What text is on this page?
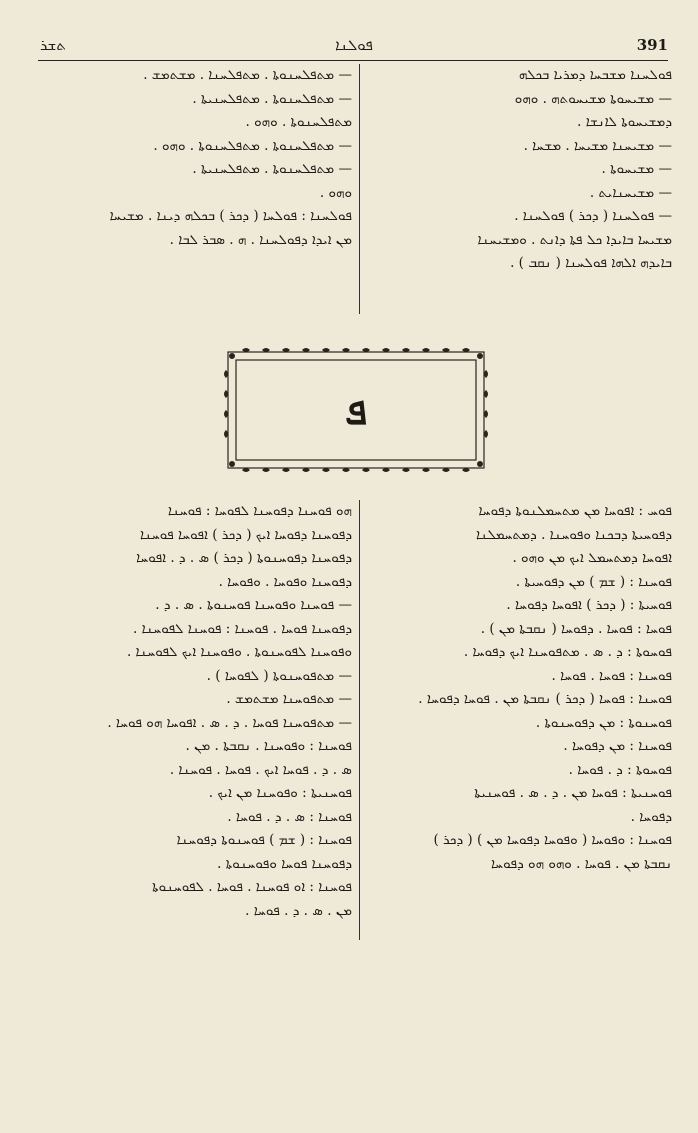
ܬܫܪ	ܦܘܠܢܐ	391
ܦܘܠܚܢܐ ܡܫܒܚܐ ܕܡܪܝܐ ܒܟܠܗ
— ܡܫܝܚܘܬܐ ܡܫܝܚܘܬܗ . ܘܗܘ
ܕܡܫܝܚܘܬܐ ܠܐܢܫܐ .
— ܡܫܝܚܢܐ ܡܫܝܚܐ . ܡܫܚܐ .
— ܡܫܝܚܘܬܐ .
— ܡܫܝܚܢܐܝܬ .
— ܦܘܠܚܢܐ ( ܕܟܪ ) ܦܘܠܚܢܐ .
ܡܫܝܚܐ ܒܐܝܕܐ ܟܠ ܦܬܐ ܕܐܢܬ . ܘܡܫܝܚܢܐ
ܒܐܝܕܗ ܐܠܗܐ ܦܘܠܚܢܐ ( ܢܩܒ ) .
— ܡܬܦܠܚܢܘܬܐ . ܡܬܦܠܚܢܐ . ܡܫܬܡܫ .
— ܡܬܦܠܚܢܘܬܐ . ܡܬܦܠܚܢܝܬܐ .
ܡܬܦܠܚܢܘܬܐ . ܘܗܘ .
— ܡܬܦܠܚܢܘܬܐ . ܡܬܦܠܚܢܘܬܐ . ܘܗܘ .
— ܡܬܦܠܚܢܘܬܐ . ܡܬܦܠܚܢܝܬܐ .
ܘܗܘ .
ܦܘܠܚܢܐ : ܦܘܠܚܐ ( ܕܟܪ ) ܒܟܠܗ ܕܝܢܐ . ܡܫܝܚܐ
ܡܢ ܐܝܕܐ ܕܦܘܠܚܢܐ . ܗ . ܣܒܪ ܠܒܐ .
ܦ
ܦܘܚ : ܐܦܘܚܐ ܡܢ ܡܬܚܡܠܢܘܬܐ ܕܦܘܚܐ
ܕܦܘܚܝܬܐ ܕܒܟܢܐ ܘܦܘܚܢܐ . ܕܡܬܚܡܠܢܐ
ܐܦܘܚܐ ܕܡܬܚܡܠ ܐܝܟ ܡܢ ܘܗܘ .
ܦܘܚܢܐ : ( ܫܡ ) ܡܢ ܕܦܘܚܝܬܐ .
ܦܘܚܝܬܐ : ( ܕܟܪ ) ܐܦܘܚܐ ܕܦܘܚܐ .
ܦܘܚܐ : ܦܘܚܐ . ܕܦܘܚܐ ( ܢܩܒܬܐ ܡܢ ) .
ܦܘܚܘܬܐ : ܕ . ܣ . ܡܬܦܘܚܢܐ ܐܝܟ ܕܦܘܚܐ .
ܦܘܚܢܐ : ܦܘܚܐ . ܦܘܚܐ .
ܦܘܚܢܐ : ܦܘܚܐ ( ܕܟܪ ) ܢܩܒܬܐ ܡܢ . ܦܘܚܐ ܕܦܘܚܐ .
ܦܘܚܢܘܬܐ : ܡܢ ܕܦܘܚܢܘܬܐ .
ܦܘܚܢܐ : ܡܢ ܕܦܘܚܐ .
ܦܘܚܘܬܐ : ܕ . ܦܘܚܐ .
ܦܘܚܢܝܬܐ : ܦܘܚܐ ܡܢ . ܕ . ܣ . ܦܘܚܢܝܬܐ
ܕܦܘܚܐ .
ܦܘܚܢܐ : ܘܦܘܚܐ ( ܘܦܘܚܐ ܕܦܘܚܐ ܡܢ ) ( ܕܟܪ )
ܢܩܒܬܐ ܡܢ . ܦܘܚܐ . ܘܗܘ ܗܘ ܕܦܘܚܐ
ܗܘ ܦܘܚܢܐ ܕܦܘܚܢܐ ܠܦܘܚܐ : ܦܘܚܢܐ
ܕܦܘܚܢܐ ܕܦܘܚܐ ܐܝܟ ( ܕܟܪ ) ܐܦܘܚܐ ܦܘܚܢܐ
ܕܦܘܚܢܐ ܕܦܘܚܢܘܬܐ ( ܕܟܪ ) ܣ . ܕ . ܐܦܘܚܐ
ܕܦܘܚܢܐ ܘܦܘܚܐ . ܘܦܘܚܐ .
— ܦܘܚܢܐ ܘܦܘܚܢܐ ܦܘܚܢܘܬܐ . ܣ . ܕ .
ܕܦܘܚܢܐ ܦܘܚܐ . ܦܘܚܢܐ : ܦܘܚܢܐ ܠܦܘܚܢܐ .
ܘܦܘܚܢܐ ܠܦܘܚܢܘܬܐ . ܘܦܘܚܢܐ ܐܝܟ ܠܦܘܚܢܐ .
— ܡܬܦܘܚܢܘܬܐ ( ܠܦܘܚܐ ) .
— ܡܬܦܘܚܢܐ ܡܫܬܡܫ .
— ܡܬܦܘܚܢܐ ܦܘܚܐ . ܕ . ܣ . ܐܦܘܚܐ ܗܘ ܦܘܚܐ .
ܦܘܚܢܐ : ܘܦܘܚܢܐ . ܢܩܒܬܐ . ܡܢ .
ܣ . ܕ . ܦܘܚܐ ܐܝܟ . ܦܘܚܐ . ܦܘܚܢܐ .
ܦܘܚܢܝܬܐ : ܘܦܘܚܢܐ ܡܢ ܐܝܟ .
ܦܘܚܢܐ : ܣ . ܕ . ܦܘܚܐ .
ܦܘܚܢܐ : ( ܫܡ ) ܦܘܚܢܘܬܐ ܕܦܘܚܢܐ
ܕܦܘܚܢܐ ܦܘܚܐ ܘܦܘܚܢܘܬܐ .
ܦܘܚܢܐ : ܐܘ ܦܘܚܢܐ . ܦܘܚܐ . ܠܦܘܚܢܘܬܐ
ܡܢ . ܣ . ܕ . ܦܘܚܐ .
